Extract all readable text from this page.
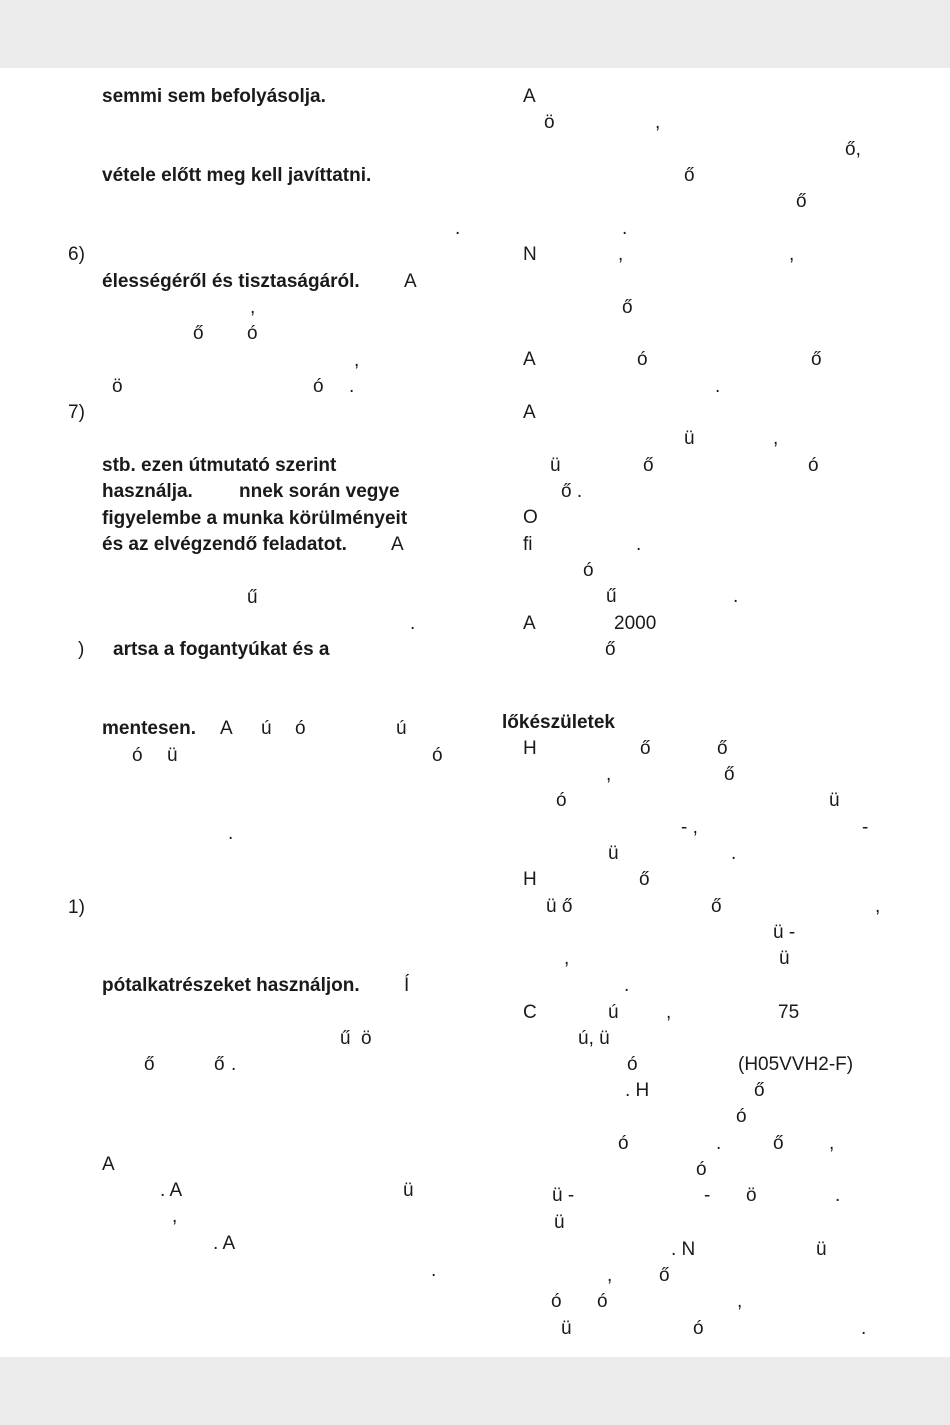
semmi sem befolyásolja.
vétele előtt meg kell javíttatni.
.
6)
élességéről és tisztaságáról. A
,
ő ó
,
ö	ó .
7)
stb. ezen útmutató szerint
használja. nnek során vegye
figyelembe a munka körülményeit
és az elvégzendő feladatot. A
ű
.
) artsa a fogantyúkat és a
mentesen. A ú ó	ú
ó ü	ó
.
1)
pótalkatrészeket használjon. Í
ű ö
ő	ő .
A
. A	ü
,
. A
.
A
ö	,
ő,
ő
ő
.
N	,	,
ő
A	ó	ő
.
A
ü	,
ü	ő	ó
ő .
O
fi	.
ó
ű	.
A	2000
ő
lőkészületek
H	ő	ő
,	ő
ó	ü
- ,	-
ü	.
H	ő
ü ő	ő	,
ü -
,	ü
.
C	ú ,	75
ú, ü
ó	(H05VVH2-F)
. H	ő
ó
ó	.	ő ,
ó
ü -	- ö	.
ü
. N	ü
, ő
ó ó	,
ü	ó	.
